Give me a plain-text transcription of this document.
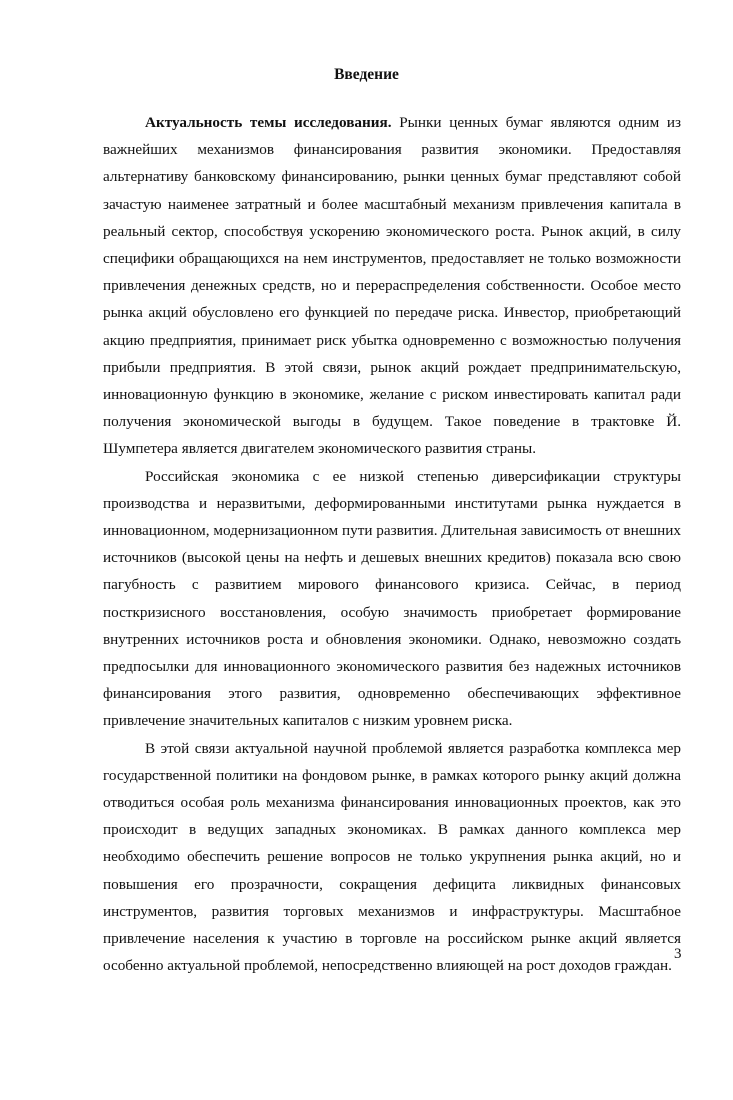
Введение

Актуальность темы исследования. Рынки ценных бумаг являются одним из важнейших механизмов финансирования развития экономики. Предоставляя альтернативу банковскому финансированию, рынки ценных бумаг представляют собой зачастую наименее затратный и более масштабный механизм привлечения капитала в реальный сектор, способствуя ускорению экономического роста. Рынок акций, в силу специфики обращающихся на нем инструментов, предоставляет не только возможности привлечения денежных средств, но и перераспределения собственности. Особое место рынка акций обусловлено его функцией по передаче риска. Инвестор, приобретающий акцию предприятия, принимает риск убытка одновременно с возможностью получения прибыли предприятия. В этой связи, рынок акций рождает предпринимательскую, инновационную функцию в экономике, желание с риском инвестировать капитал ради получения экономической выгоды в будущем. Такое поведение в трактовке Й. Шумпетера является двигателем экономического развития страны.

Российская экономика с ее низкой степенью диверсификации структуры производства и неразвитыми, деформированными институтами рынка нуждается в инновационном, модернизационном пути развития. Длительная зависимость от внешних источников (высокой цены на нефть и дешевых внешних кредитов) показала всю свою пагубность с развитием мирового финансового кризиса. Сейчас, в период посткризисного восстановления, особую значимость приобретает формирование внутренних источников роста и обновления экономики. Однако, невозможно создать предпосылки для инновационного экономического развития без надежных источников финансирования этого развития, одновременно обеспечивающих эффективное привлечение значительных капиталов с низким уровнем риска.

В этой связи актуальной научной проблемой является разработка комплекса мер государственной политики на фондовом рынке, в рамках которого рынку акций должна отводиться особая роль механизма финансирования инновационных проектов, как это происходит в ведущих западных экономиках. В рамках данного комплекса мер необходимо обеспечить решение вопросов не только укрупнения рынка акций, но и повышения его прозрачности, сокращения дефицита ликвидных финансовых инструментов, развития торговых механизмов и инфраструктуры. Масштабное привлечение населения к участию в торговле на российском рынке акций является особенно актуальной проблемой, непосредственно влияющей на рост доходов граждан.

3
